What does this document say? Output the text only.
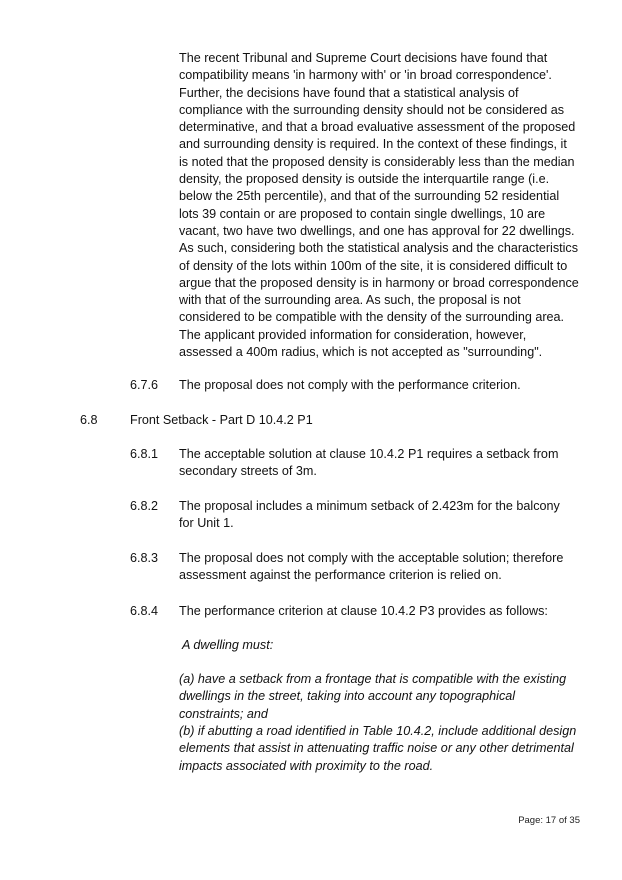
The recent Tribunal and Supreme Court decisions have found that compatibility means 'in harmony with' or 'in broad correspondence'. Further, the decisions have found that a statistical analysis of compliance with the surrounding density should not be considered as determinative, and that a broad evaluative assessment of the proposed and surrounding density is required. In the context of these findings, it is noted that the proposed density is considerably less than the median density, the proposed density is outside the interquartile range (i.e. below the 25th percentile), and that of the surrounding 52 residential lots 39 contain or are proposed to contain single dwellings, 10 are vacant, two have two dwellings, and one has approval for 22 dwellings. As such, considering both the statistical analysis and the characteristics of density of the lots within 100m of the site, it is considered difficult to argue that the proposed density is in harmony or broad correspondence with that of the surrounding area. As such, the proposal is not considered to be compatible with the density of the surrounding area. The applicant provided information for consideration, however, assessed a 400m radius, which is not accepted as "surrounding".
6.7.6 The proposal does not comply with the performance criterion.
6.8	Front Setback - Part D 10.4.2 P1
6.8.1 The acceptable solution at clause 10.4.2 P1 requires a setback from secondary streets of 3m.
6.8.2 The proposal includes a minimum setback of 2.423m for the balcony for Unit 1.
6.8.3 The proposal does not comply with the acceptable solution; therefore assessment against the performance criterion is relied on.
6.8.4 The performance criterion at clause 10.4.2 P3 provides as follows:
A dwelling must:
(a) have a setback from a frontage that is compatible with the existing dwellings in the street, taking into account any topographical constraints; and
(b) if abutting a road identified in Table 10.4.2, include additional design elements that assist in attenuating traffic noise or any other detrimental impacts associated with proximity to the road.
Page: 17 of 35
